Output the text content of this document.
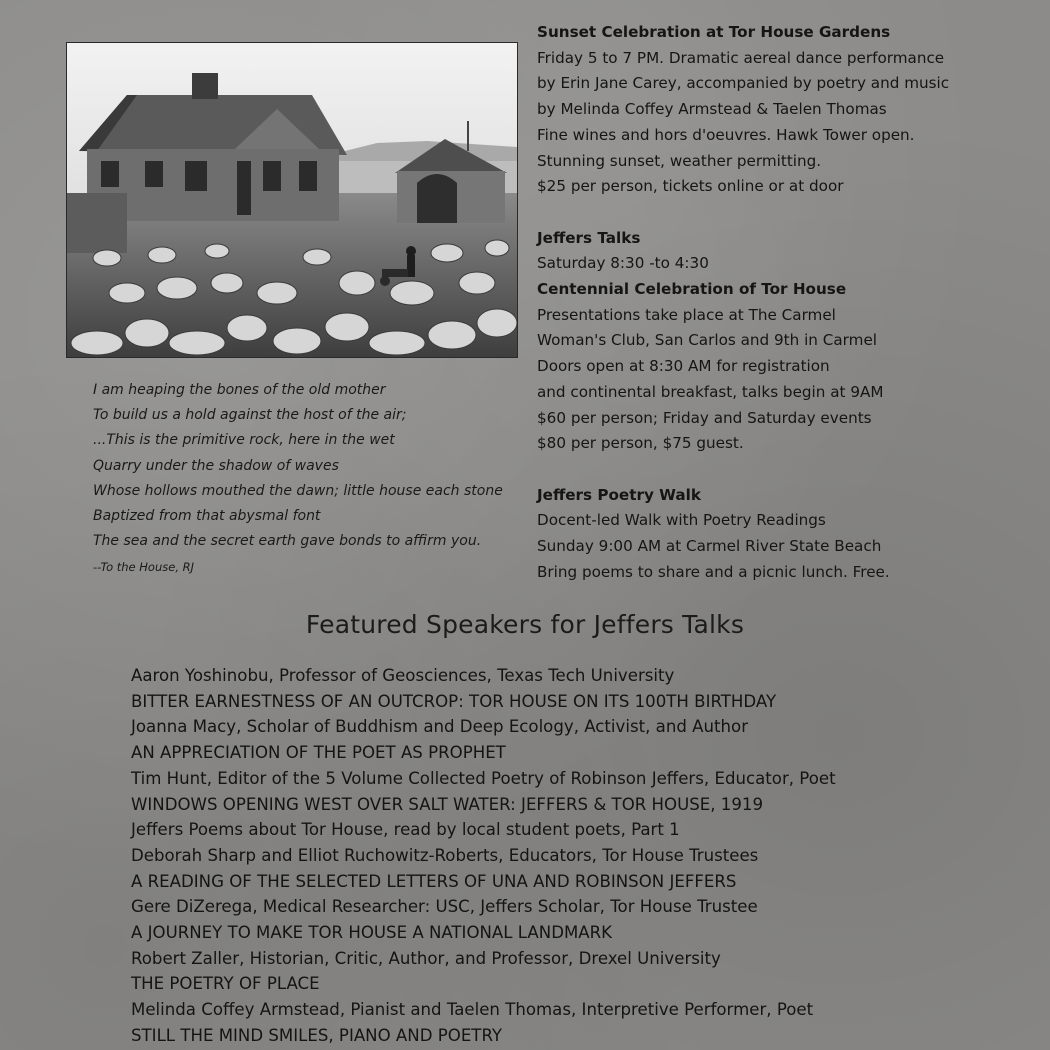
I am heaping the bones of the old mother
To build us a hold against the host of the air;
...This is the primitive rock, here in the wet
Quarry under the shadow of waves
Whose hollows mouthed the dawn; little house each stone
Baptized from that abysmal font
The sea and the secret earth gave bonds to affirm you.
--To the House, RJ
Sunset Celebration at Tor House Gardens
Friday 5 to 7 PM. Dramatic aereal dance performance
by Erin Jane Carey, accompanied by poetry and music
by Melinda Coffey Armstead & Taelen Thomas
Fine wines and hors d'oeuvres. Hawk Tower open.
Stunning sunset, weather permitting.
$25 per person, tickets online or at door
Jeffers Talks
Saturday 8:30 -to 4:30
Centennial Celebration of Tor House
Presentations take place at The Carmel
Woman's Club, San Carlos and 9th in Carmel
Doors open at 8:30 AM for registration
and continental breakfast, talks begin at 9AM
$60 per person; Friday and Saturday events
$80 per person, $75 guest.
Jeffers Poetry Walk
Docent-led Walk with Poetry Readings
Sunday 9:00 AM at Carmel River State Beach
Bring poems to share and a picnic lunch. Free.
Featured Speakers for Jeffers Talks
Aaron Yoshinobu, Professor of Geosciences, Texas Tech University
BITTER EARNESTNESS OF AN OUTCROP: TOR HOUSE ON ITS 100TH BIRTHDAY
Joanna Macy, Scholar of Buddhism and Deep Ecology, Activist, and Author
AN APPRECIATION OF THE POET AS PROPHET
Tim Hunt, Editor of the 5 Volume Collected Poetry of Robinson Jeffers, Educator, Poet
WINDOWS OPENING WEST OVER SALT WATER: JEFFERS & TOR HOUSE, 1919
Jeffers Poems about Tor House, read by local student poets, Part 1
Deborah Sharp and Elliot Ruchowitz-Roberts, Educators, Tor House Trustees
A READING OF THE SELECTED LETTERS OF UNA AND ROBINSON JEFFERS
Gere DiZerega, Medical Researcher: USC, Jeffers Scholar, Tor House Trustee
A JOURNEY TO MAKE TOR HOUSE A NATIONAL LANDMARK
Robert Zaller, Historian, Critic, Author, and Professor, Drexel University
THE POETRY OF PLACE
Melinda Coffey Armstead, Pianist and Taelen Thomas, Interpretive Performer, Poet
STILL THE MIND SMILES, PIANO AND POETRY
